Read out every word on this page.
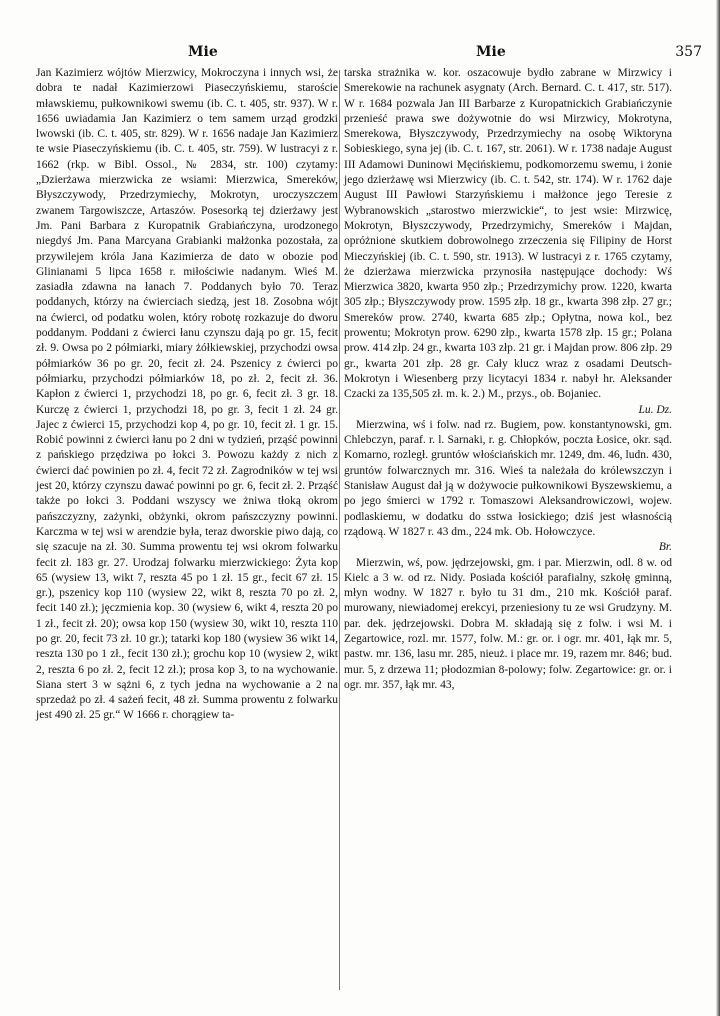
Mie	Mie	357

Jan Kazimierz wójtów Mierzwicy, Mokroczyna i innych wsi, że dobra te nadał Kazimierzowi Piaseczyńskiemu, staroście mławskiemu, pułkownikowi swemu (ib. C. t. 405, str. 937). W r. 1656 uwiadamia Jan Kazimierz o tem samem urząd grodzki lwowski (ib. C. t. 405, str. 829). W r. 1656 nadaje Jan Kazimierz te wsie Piaseczyńskiemu (ib. C. t. 405, str. 759). W lustracyi z r. 1662 (rkp. w Bibl. Ossol., № 2834, str. 100) czytamy: „Dzierżawa mierzwicka ze wsiami: Mierzwica, Smereków, Błyszczywody, Przedrzymiechy, Mokrotyn, uroczyszczem zwanem Targowiszcze, Artaszów. Posesorką tej dzierżawy jest Jm. Pani Barbara z Kuropatnik Grabiańczyna, urodzonego niegdyś Jm. Pana Marcyana Grabianki małżonka pozostała, za przywilejem króla Jana Kazimierza de dato w obozie pod Glinianami 5 lipca 1658 r. miłościwie nadanym. Wieś M. zasiadła zdawna na łanach 7. Poddanych było 70. Teraz poddanych, którzy na ćwierciach siedzą, jest 18. Zosobna wójt na ćwierci, od podatku wolen, który robotę rozkazuje do dworu poddanym. Poddani z ćwierci łanu czynszu dają po gr. 15, fecit zł. 9. Owsa po 2 półmiarki, miary żółkiewskiej, przychodzi owsa półmiarków 36 po gr. 20, fecit zł. 24. Pszenicy z ćwierci po półmiarku, przychodzi półmiarków 18, po zł. 2, fecit zł. 36. Kapłon z ćwierci 1, przychodzi 18, po gr. 6, fecit zł. 3 gr. 18. Kurczę z ćwierci 1, przychodzi 18, po gr. 3, fecit 1 zł. 24 gr. Jajec z ćwierci 15, przychodzi kop 4, po gr. 10, fecit zł. 1 gr. 15. Robić powinni z ćwierci łanu po 2 dni w tydzień, prząść powinni z pańskiego przędziwa po łokci 3. Powozu każdy z nich z ćwierci dać powinien po zł. 4, fecit 72 zł. Zagrodników w tej wsi jest 20, którzy czynszu dawać powinni po gr. 6, fecit zł. 2. Prząść także po łokci 3. Poddani wszyscy we żniwa tłoką okrom pańszczyzny, zażynki, obżynki, okrom pańszczyzny powinni. Karczma w tej wsi w arendzie była, teraz dworskie piwo dają, co się szacuje na zł. 30. Summa prowentu tej wsi okrom folwarku fecit zł. 183 gr. 27. Urodzaj folwarku mierzwickiego: Żyta kop 65 (wysiew 13, wikt 7, reszta 45 po 1 zł. 15 gr., fecit 67 zł. 15 gr.), pszenicy kop 110 (wysiew 22, wikt 8, reszta 70 po zł. 2, fecit 140 zł.); jęczmienia kop. 30 (wysiew 6, wikt 4, reszta 20 po 1 zł., fecit zł. 20); owsa kop 150 (wysiew 30, wikt 10, reszta 110 po gr. 20, fecit 73 zł. 10 gr.); tatarki kop 180 (wysiew 36 wikt 14, reszta 130 po 1 zł., fecit 130 zł.); grochu kop 10 (wysiew 2, wikt 2, reszta 6 po zł. 2, fecit 12 zł.); prosa kop 3, to na wychowanie. Siana stert 3 w sążni 6, z tych jedna na wychowanie a 2 na sprzedaż po zł. 4 sażeń fecit, 48 zł. Summa prowentu z folwarku jest 490 zł. 25 gr.“ W 1666 r. chorągiew ta-

tarska strażnika w. kor. oszacowuje bydło zabrane w Mirzwicy i Smerekowie na rachunek asygnaty (Arch. Bernard. C. t. 417, str. 517). W r. 1684 pozwala Jan III Barbarze z Kuropatnickich Grabiańczynie przenieść prawa swe dożywotnie do wsi Mirzwicy, Mokrotyna, Smerekowa, Błyszczywody, Przedrzymiechy na osobę Wiktoryna Sobieskiego, syna jej (ib. C. t. 167, str. 2061). W r. 1738 nadaje August III Adamowi Duninowi Męcińskiemu, podkomorzemu swemu, i żonie jego dzierżawę wsi Mierzwicy (ib. C. t. 542, str. 174). W r. 1762 daje August III Pawłowi Starzyńskiemu i małżonce jego Teresie z Wybranowskich „starostwo mierzwickie“, to jest wsie: Mirzwicę, Mokrotyn, Błyszczywody, Przedrzymichy, Smereków i Majdan, opróżnione skutkiem dobrowolnego zrzeczenia się Filipiny de Horst Mieczyńskiej (ib. C. t. 590, str. 1913). W lustracyi z r. 1765 czytamy, że dzierżawa mierzwicka przynosiła następujące dochody: Wś Mierzwica 3820, kwarta 950 złp.; Przedrzymichy prow. 1220, kwarta 305 złp.; Błyszczywody prow. 1595 złp. 18 gr., kwarta 398 złp. 27 gr.; Smereków prow. 2740, kwarta 685 złp.; Opłytna, nowa kol., bez prowentu; Mokrotyn prow. 6290 złp., kwarta 1578 złp. 15 gr.; Polana prow. 414 złp. 24 gr., kwarta 103 złp. 21 gr. i Majdan prow. 806 złp. 29 gr., kwarta 201 złp. 28 gr. Cały klucz wraz z osadami Deutsch-Mokrotyn i Wiesenberg przy licytacyi 1834 r. nabył hr. Aleksander Czacki za 135,505 zł. m. k. 2.) M., przys., ob. Bojaniec.

Lu. Dz.

Mierzwina, wś i folw. nad rz. Bugiem, pow. konstantynowski, gm. Chlebczyn, paraf. r. l. Sarnaki, r. g. Chłopków, poczta Łosice, okr. sąd. Komarno, rozległ. gruntów włościańskich mr. 1249, dm. 46, ludn. 430, gruntów folwarcznych mr. 316. Wieś ta należała do królewszczyn i Stanisław August dał ją w dożywocie pułkownikowi Byszewskiemu, a po jego śmierci w 1792 r. Tomaszowi Aleksandrowiczowi, wojew. podlaskiemu, w dodatku do sstwa łosickiego; dziś jest własnością rządową. W 1827 r. 43 dm., 224 mk. Ob. Hołowczyce.

Br.

Mierzwin, wś, pow. jędrzejowski, gm. i par. Mierzwin, odl. 8 w. od Kielc a 3 w. od rz. Nidy. Posiada kościół parafialny, szkołę gminną, młyn wodny. W 1827 r. było tu 31 dm., 210 mk. Kościół paraf. murowany, niewiadomej erekcyi, przeniesiony tu ze wsi Grudzyny. M. par. dek. jędrzejowski. Dobra M. składają się z folw. i wsi M. i Zegartowice, rozl. mr. 1577, folw. M.: gr. or. i ogr. mr. 401, łąk mr. 5, pastw. mr. 136, lasu mr. 285, nieuż. i place mr. 19, razem mr. 846; bud. mur. 5, z drzewa 11; płodozmian 8-polowy; folw. Zegartowice: gr. or. i ogr. mr. 357, łąk mr. 43,
